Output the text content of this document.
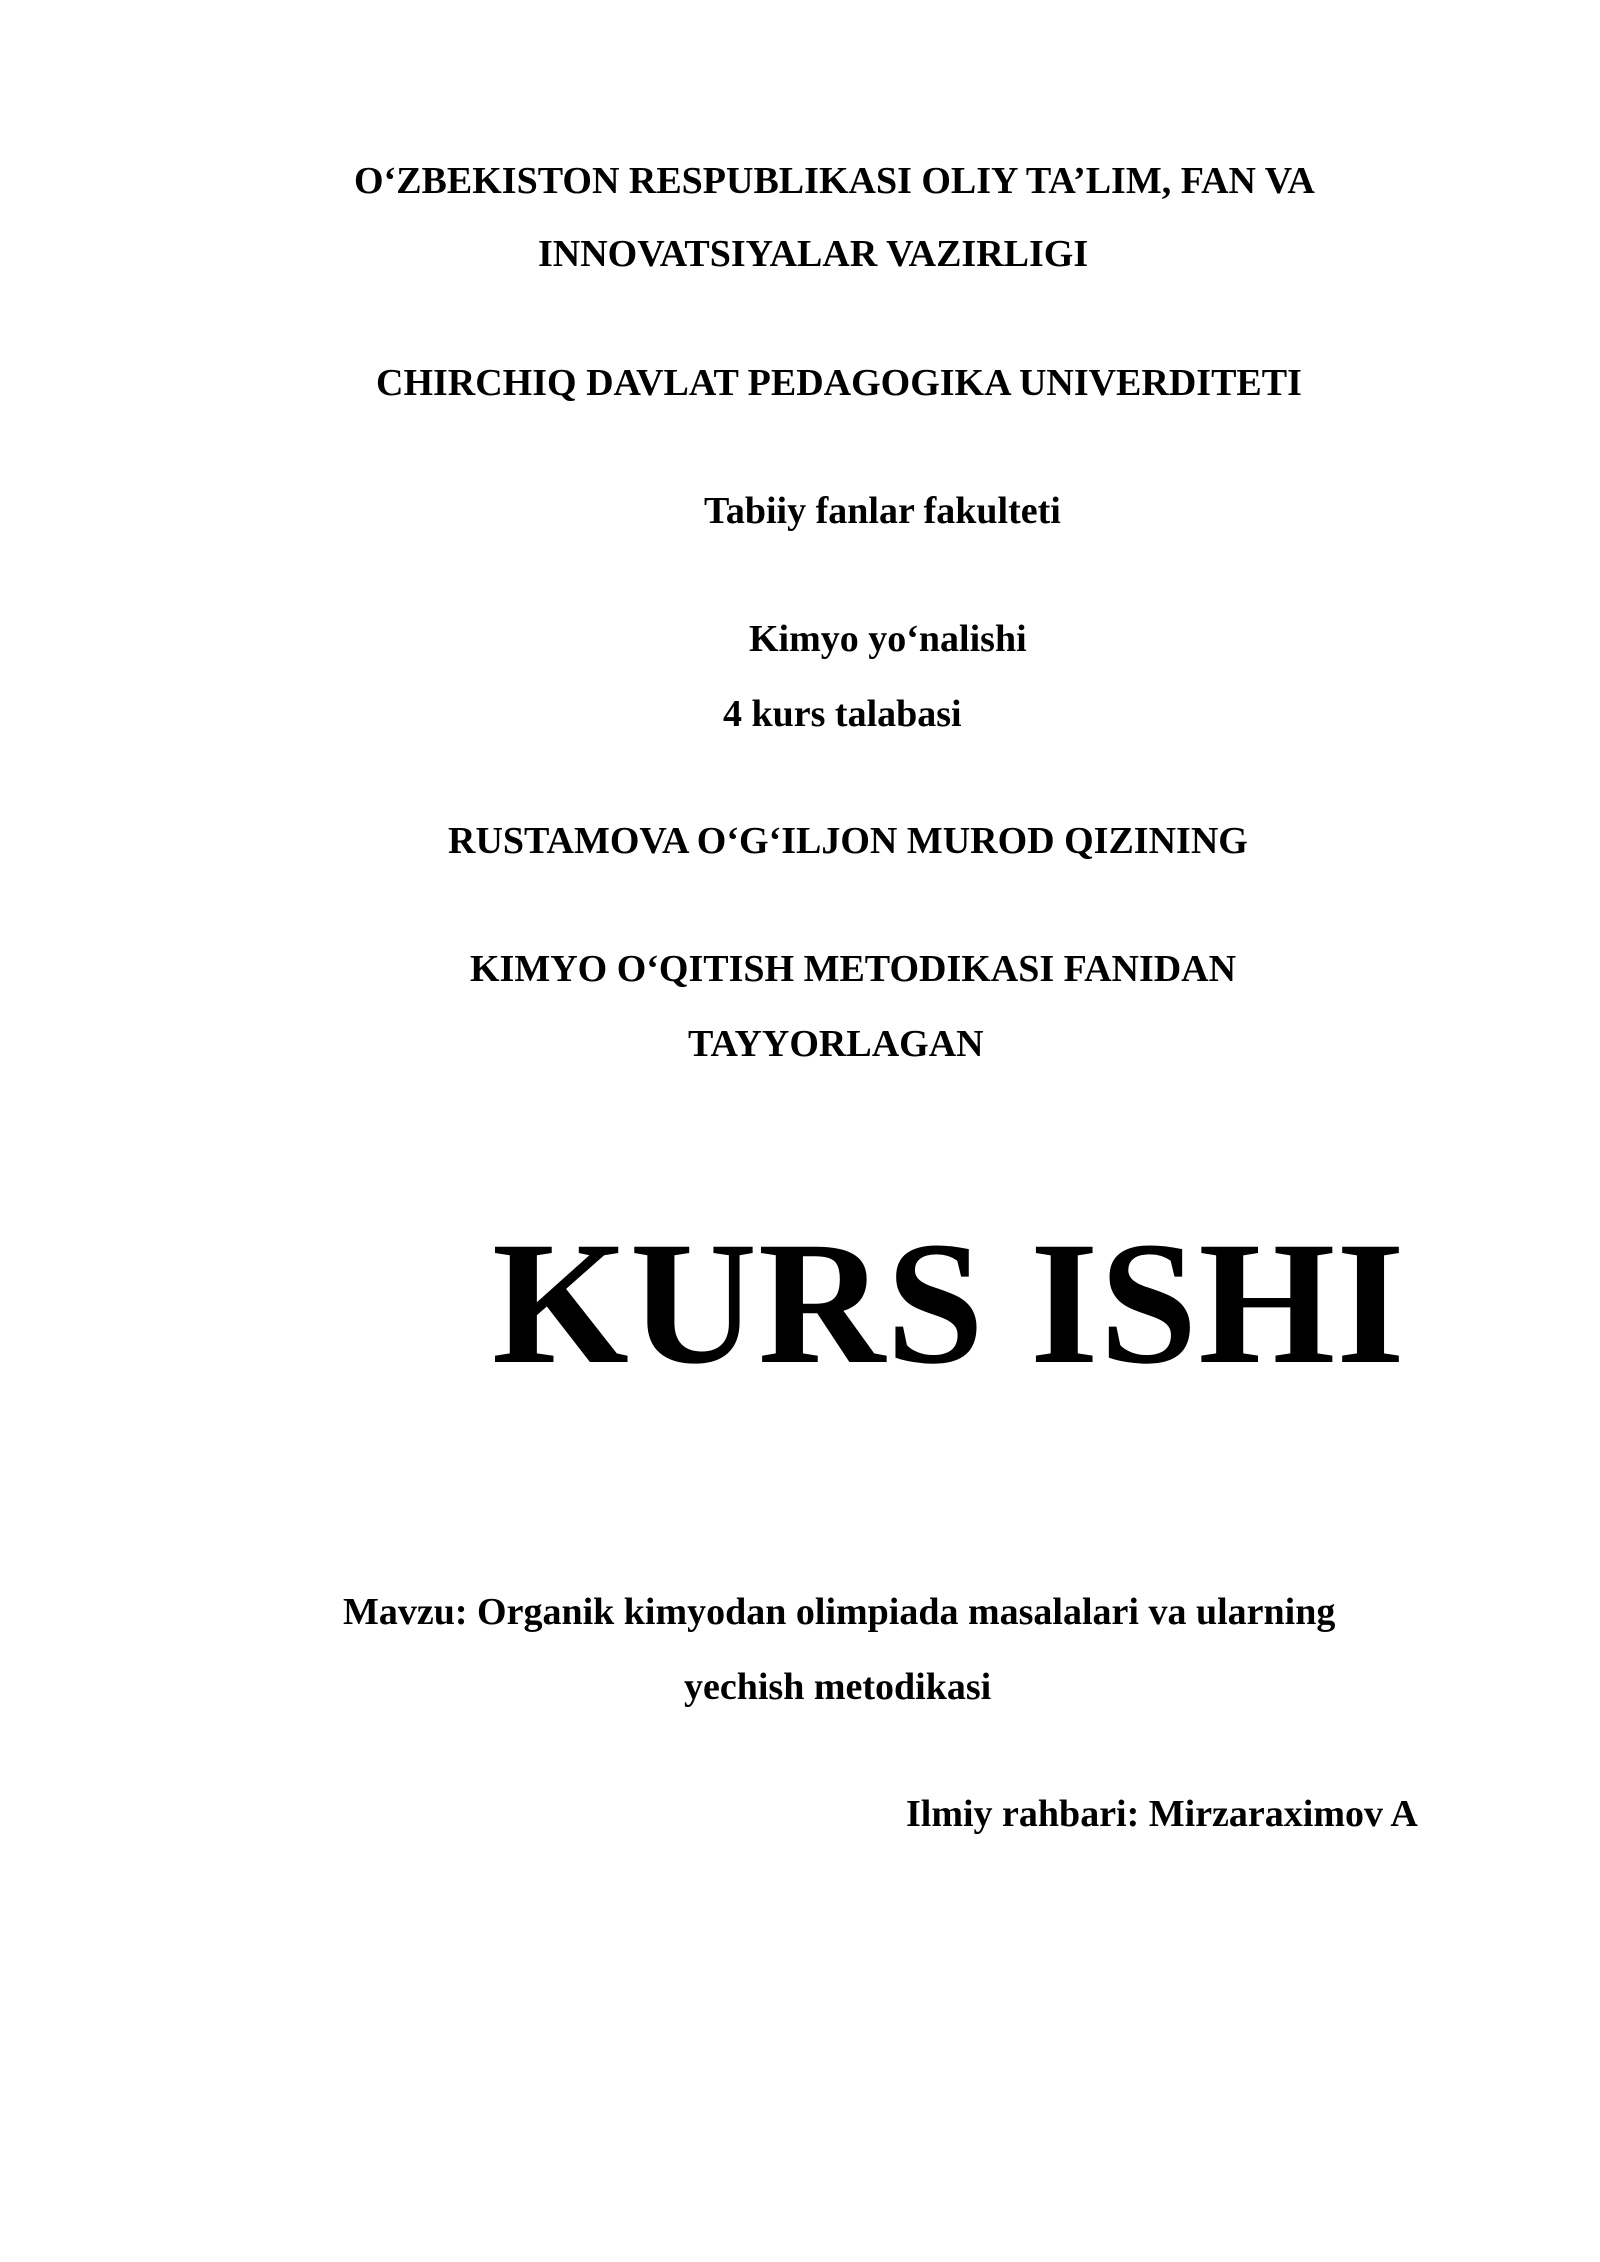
O‘ZBEKISTON RESPUBLIKASI OLIY TA’LIM, FAN VA
INNOVATSIYALAR VAZIRLIGI
CHIRCHIQ DAVLAT PEDAGOGIKA UNIVERDITETI
Tabiiy fanlar fakulteti
Kimyo yo‘nalishi
4 kurs talabasi
RUSTAMOVA O‘G‘ILJON MUROD QIZINING
KIMYO O‘QITISH METODIKASI FANIDAN
TAYYORLAGAN
KURS ISHI
Mavzu: Organik kimyodan olimpiada masalalari va ularning
yechish metodikasi
Ilmiy rahbari: Mirzaraximov A
